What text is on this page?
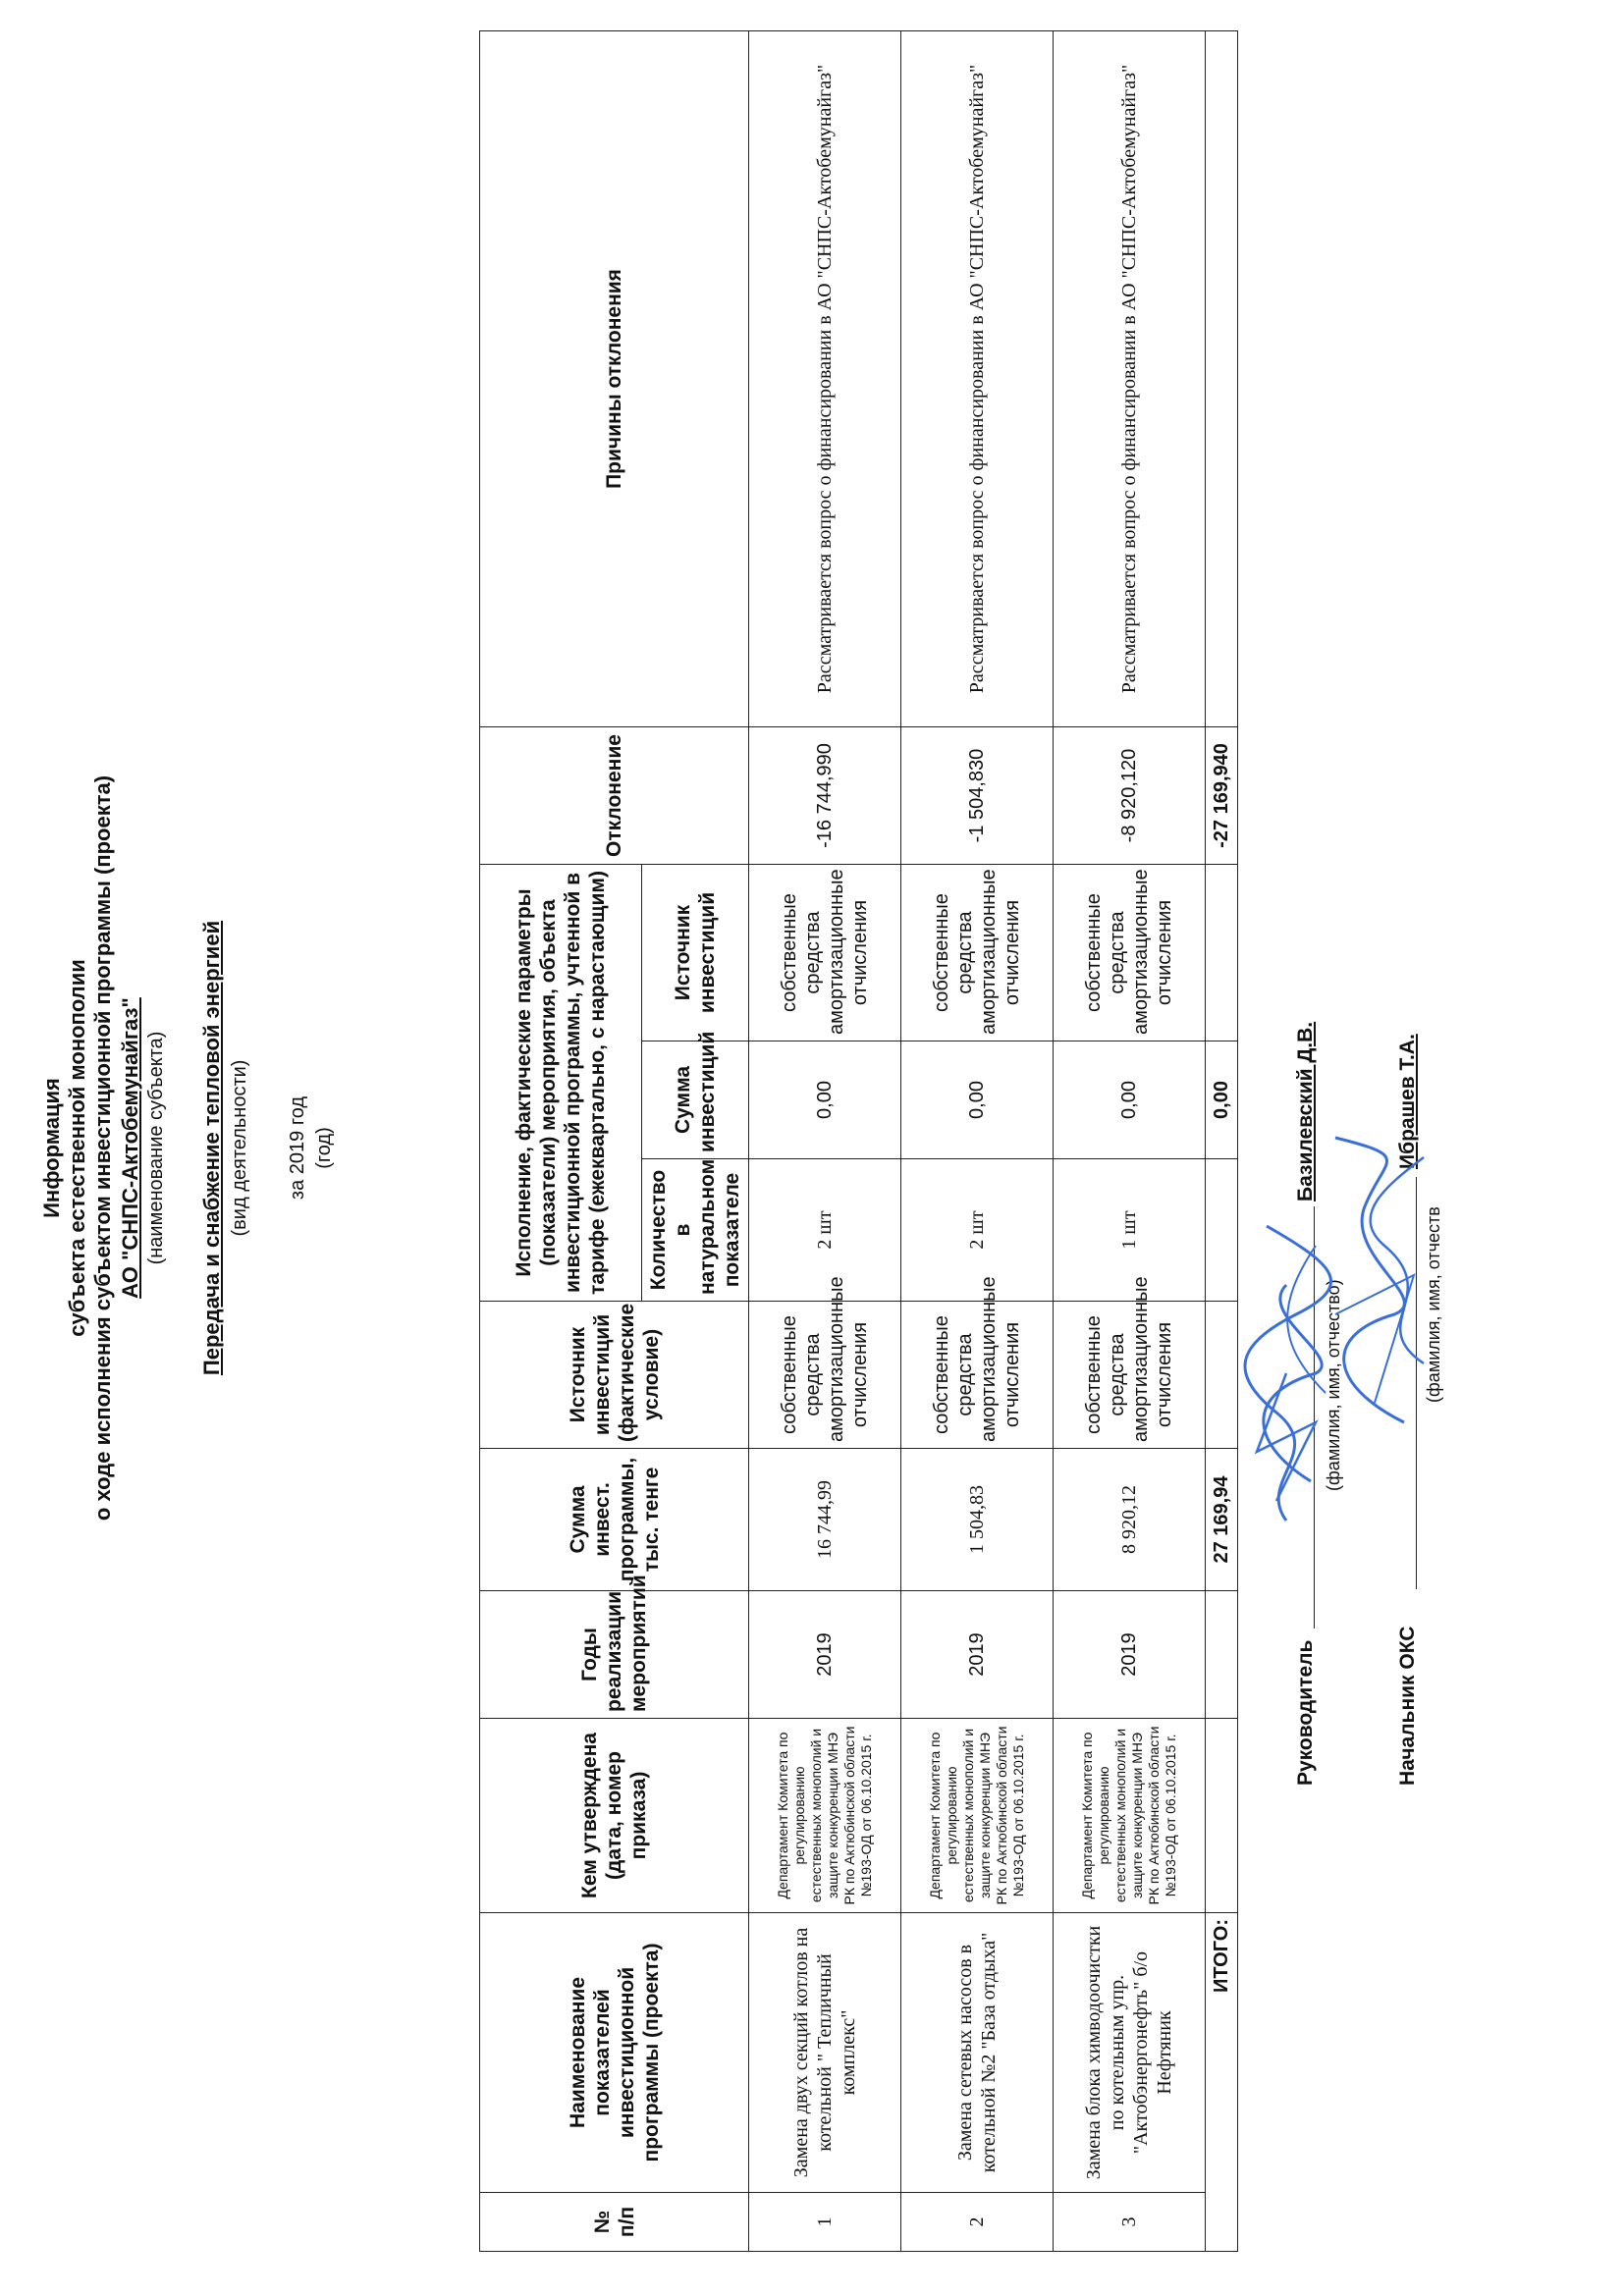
Информация субъекта естественной монополии о ходе исполнения субъектом инвестиционной программы (проекта) АО "СНПС-Актобемунайгаз" (наименование субъекта) Передача и снабжение тепловой энергией (вид деятельности) за 2019 год (год)
№ п/п	Наименование показателей инвестиционной программы (проекта)	Кем утверждена (дата, номер приказа)	Годы реализации мероприятий	Сумма инвест. программы, тыс. тенге	Источник инвестиций (фактические условие)	Исполнение, фактические параметры (показатели) мероприятия, объекта инвестиционной программы, учтенной в тарифе (ежеквартально, с нарастающим)			Отклонение	Причины отклонения
						Количество в натуральном показателе	Сумма инвестиций	Источник инвестиций		
1	Замена двух секций котлов на котельной " Тепличный комплекс"	Департамент Комитета по регулированию естественных монополий и защите конкуренции МНЭ РК по Актюбинской области №193-ОД от 06.10.2015 г.	2019	16 744,99	собственные средства амортизационные отчисления	2 шт	0,00	собственные средства амортизационные отчисления	-16 744,990	Рассматривается вопрос о финансировании в АО "СНПС-Актобемунайгаз"
2	Замена сетевых насосов в котельной №2 "База отдыха"	Департамент Комитета по регулированию естественных монополий и защите конкуренции МНЭ РК по Актюбинской области №193-ОД от 06.10.2015 г.	2019	1 504,83	собственные средства амортизационные отчисления	2 шт	0,00	собственные средства амортизационные отчисления	-1 504,830	Рассматривается вопрос о финансировании в АО "СНПС-Актобемунайгаз"
3	Замена блока химводоочистки по котельным упр. "Актобэнергонефть" б/о Нефтяник	Департамент Комитета по регулированию естественных монополий и защите конкуренции МНЭ РК по Актюбинской области №193-ОД от 06.10.2015 г.	2019	8 920,12	собственные средства амортизационные отчисления	1 шт	0,00	собственные средства амортизационные отчисления	-8 920,120	Рассматривается вопрос о финансировании в АО "СНПС-Актобемунайгаз"
ИТОГО:				27 169,94			0,00		-27 169,940	
Руководитель
Базилевский Д.В.
(фамилия, имя, отчество)
Начальник ОКС
Ибрашев Т.А.
(фамилия, имя, отчеств
